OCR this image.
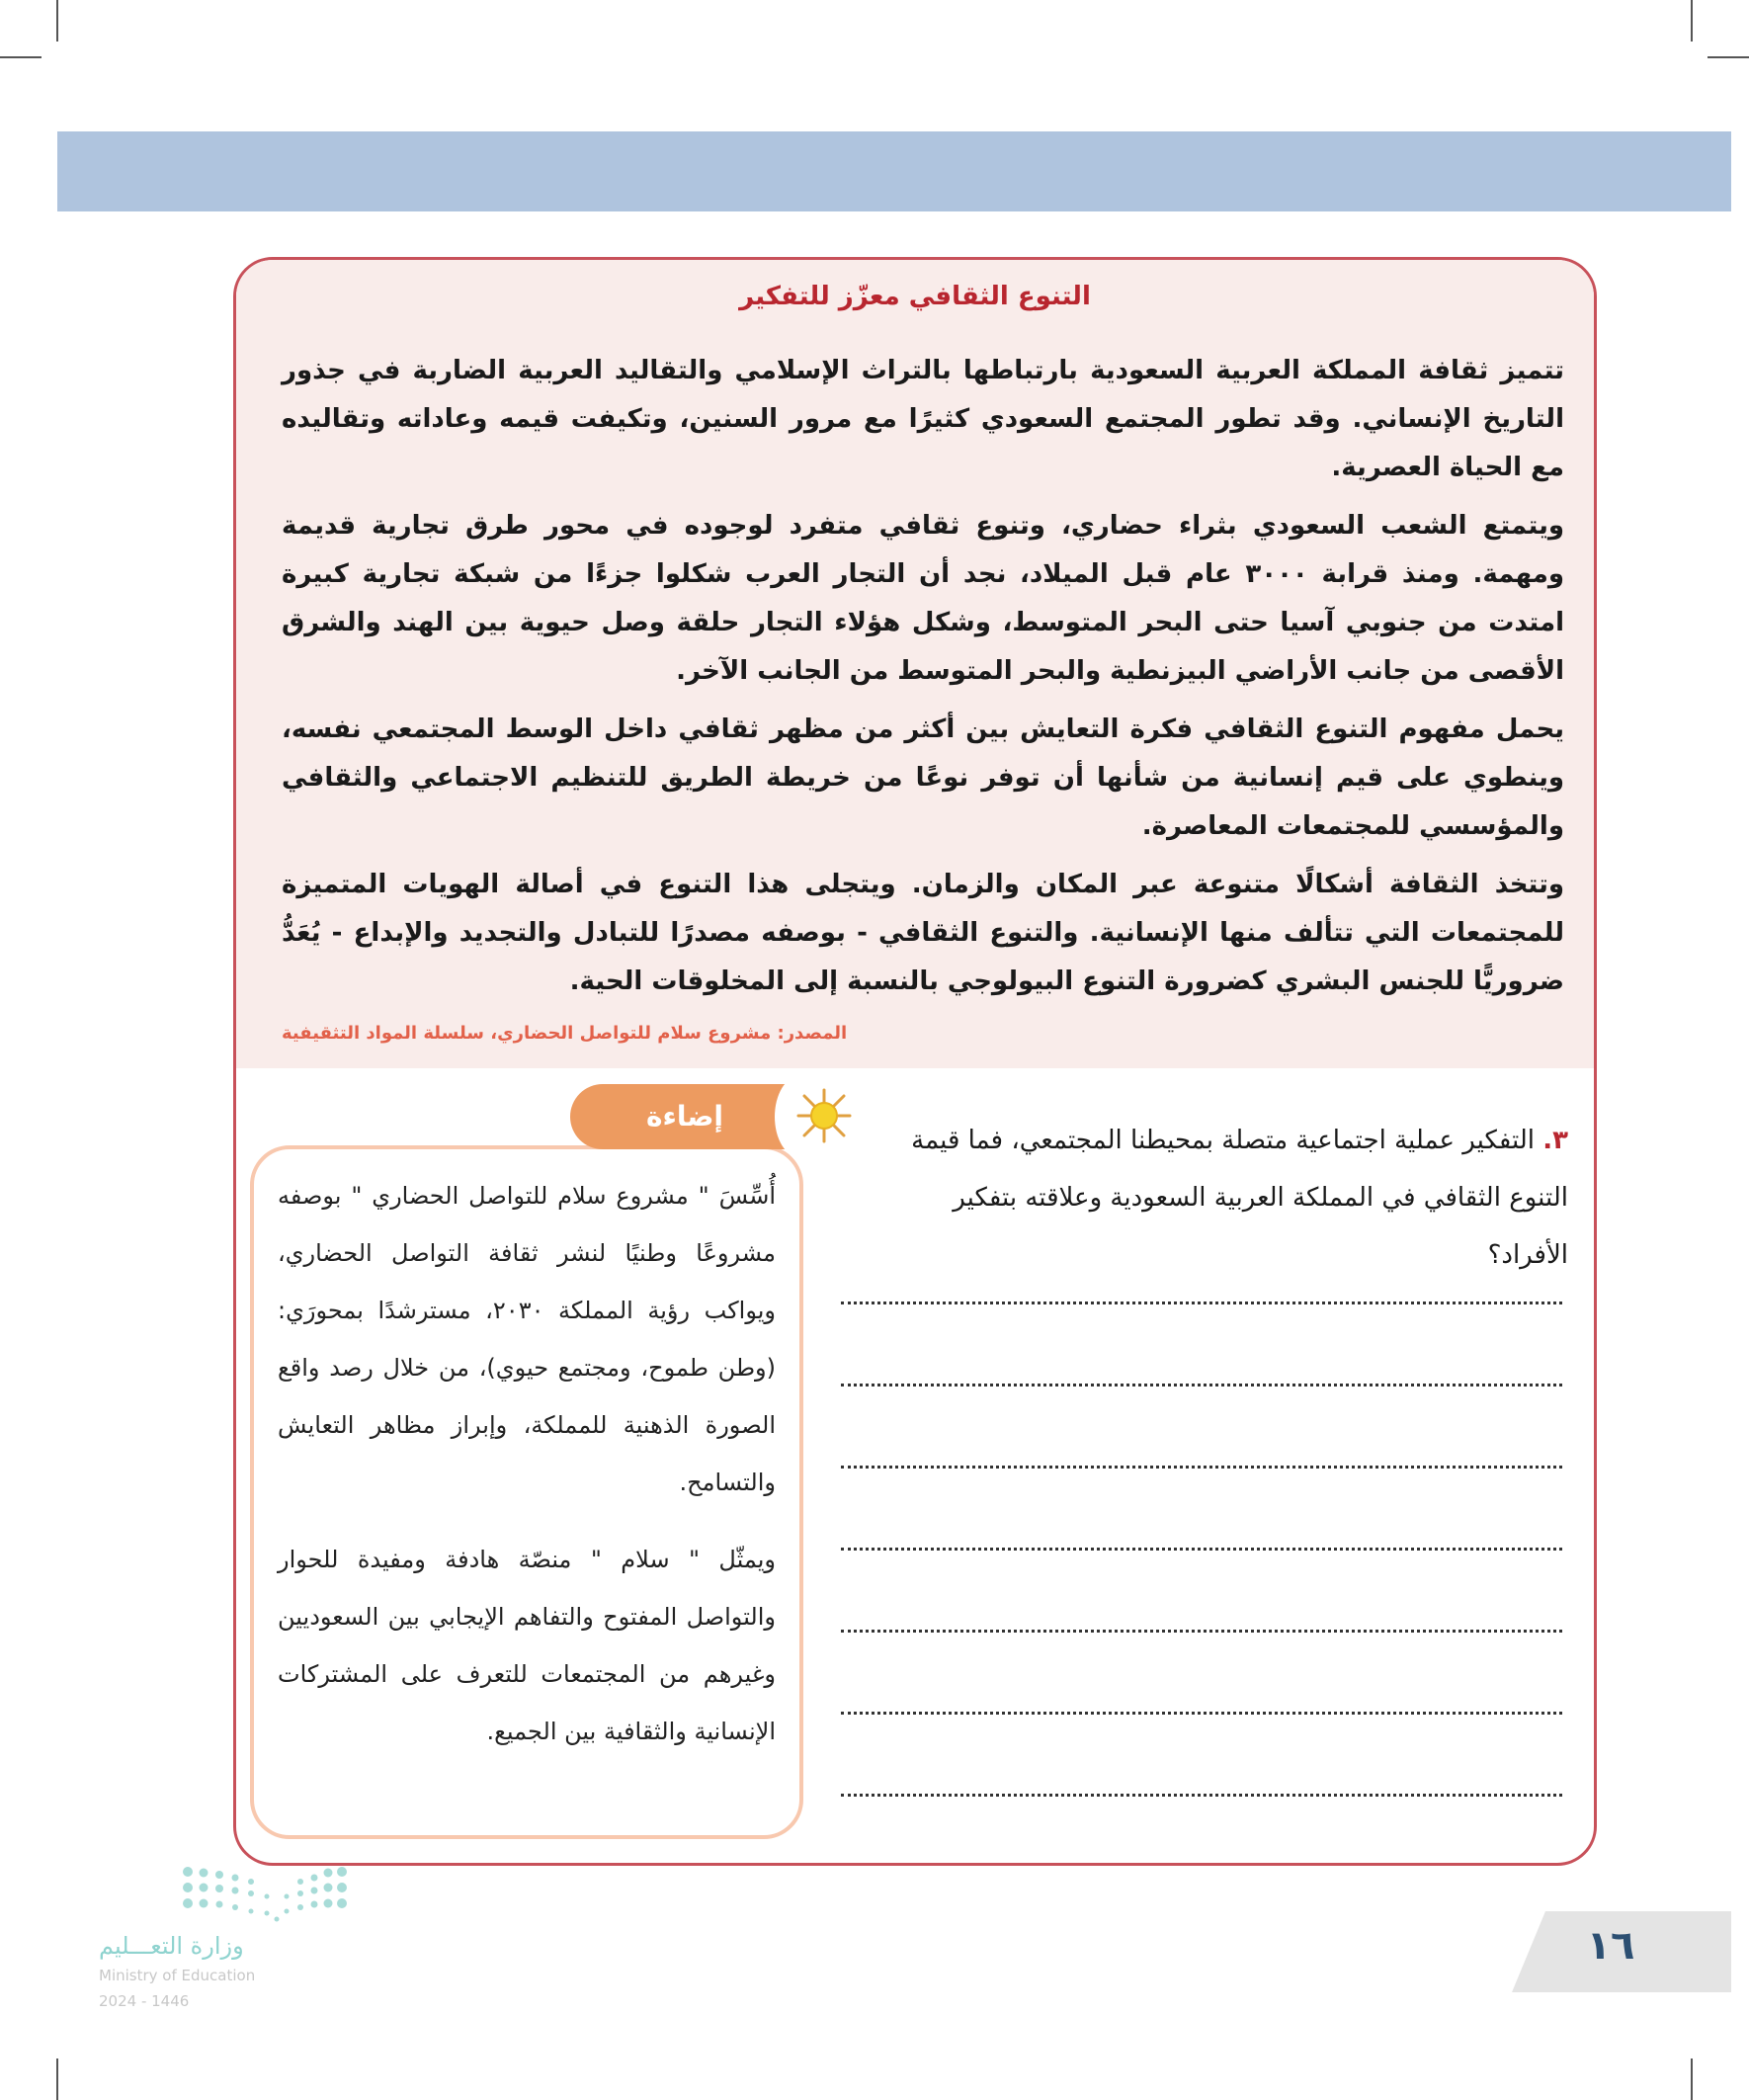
التنوع الثقافي معزّز للتفكير

تتميز ثقافة المملكة العربية السعودية بارتباطها بالتراث الإسلامي والتقاليد العربية الضاربة في جذور التاريخ الإنساني. وقد تطور المجتمع السعودي كثيرًا مع مرور السنين، وتكيفت قيمه وعاداته وتقاليده مع الحياة العصرية.

ويتمتع الشعب السعودي بثراء حضاري، وتنوع ثقافي متفرد لوجوده في محور طرق تجارية قديمة ومهمة. ومنذ قرابة ٣٠٠٠ عام قبل الميلاد، نجد أن التجار العرب شكلوا جزءًا من شبكة تجارية كبيرة امتدت من جنوبي آسيا حتى البحر المتوسط، وشكل هؤلاء التجار حلقة وصل حيوية بين الهند والشرق الأقصى من جانب الأراضي البيزنطية والبحر المتوسط من الجانب الآخر.

يحمل مفهوم التنوع الثقافي فكرة التعايش بين أكثر من مظهر ثقافي داخل الوسط المجتمعي نفسه، وينطوي على قيم إنسانية من شأنها أن توفر نوعًا من خريطة الطريق للتنظيم الاجتماعي والثقافي والمؤسسي للمجتمعات المعاصرة.

وتتخذ الثقافة أشكالًا متنوعة عبر المكان والزمان. ويتجلى هذا التنوع في أصالة الهويات المتميزة للمجتمعات التي تتألف منها الإنسانية. والتنوع الثقافي - بوصفه مصدرًا للتبادل والتجديد والإبداع - يُعَدُّ ضروريًّا للجنس البشري كضرورة التنوع البيولوجي بالنسبة إلى المخلوقات الحية.

المصدر: مشروع سلام للتواصل الحضاري، سلسلة المواد التثقيفية

أُسِّسَ " مشروع سلام للتواصل الحضاري " بوصفه مشروعًا وطنيًا لنشر ثقافة التواصل الحضاري، ويواكب رؤية المملكة ٢٠٣٠، مسترشدًا بمحورَي: (وطن طموح، ومجتمع حيوي)، من خلال رصد واقع الصورة الذهنية للمملكة، وإبراز مظاهر التعايش والتسامح.

ويمثّل " سلام " منصّة هادفة ومفيدة للحوار والتواصل المفتوح والتفاهم الإيجابي بين السعوديين وغيرهم من المجتمعات للتعرف على المشتركات الإنسانية والثقافية بين الجميع.

إضاءة
٣. التفكير عملية اجتماعية متصلة بمحيطنا المجتمعي، فما قيمة التنوع الثقافي في المملكة العربية السعودية وعلاقته بتفكير الأفراد؟
وزارة التعـــليم
Ministry of Education
2024 - 1446
١٦
